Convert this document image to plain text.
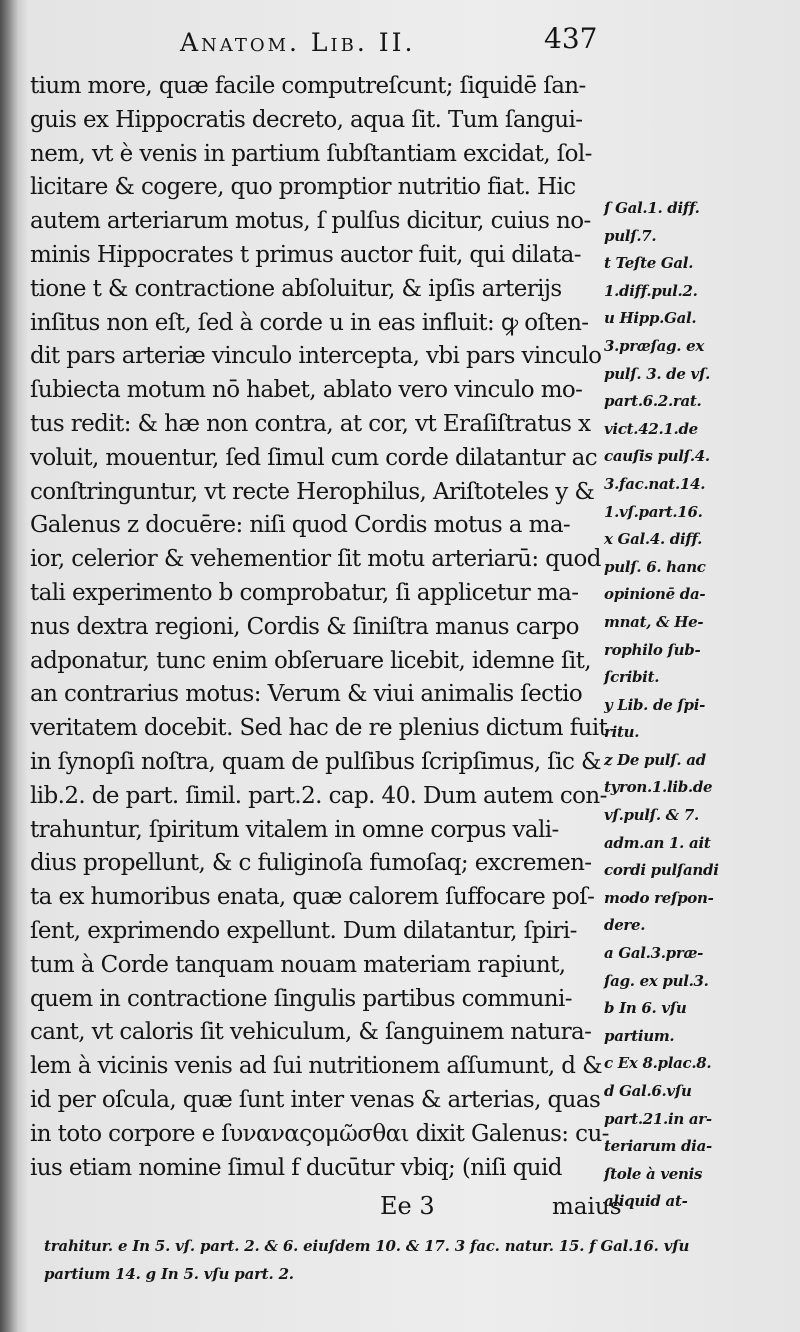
Anatom. Lib. II.	437
tium more, quæ facile computreſcunt; ſiquidē ſan-
guis ex Hippocratis decreto, aqua ſit. Tum ſangui-
nem, vt è venis in partium ſubſtantiam excidat, ſol-
licitare & cogere, quo promptior nutritio fiat. Hic
autem arteriarum motus, ſ pulſus dicitur, cuius no-
minis Hippocrates t primus auctor fuit, qui dilata-
tione t & contractione abſoluitur, & ipſis arterijs
inſitus non eſt, ſed à corde u in eas influit: ꝙ oſten-
dit pars arteriæ vinculo intercepta, vbi pars vinculo
ſubiecta motum nō habet, ablato vero vinculo mo-
tus redit: & hæ non contra, at cor, vt Eraſiſtratus x
voluit, mouentur, ſed ſimul cum corde dilatantur ac
conſtringuntur, vt recte Herophilus, Ariſtoteles y &
Galenus z docuēre: niſi quod Cordis motus a ma-
ior, celerior & vehementior ſit motu arteriarū: quod
tali experimento b comprobatur, ſi applicetur ma-
nus dextra regioni, Cordis & ſiniſtra manus carpo
adponatur, tunc enim obſeruare licebit, idemne ſit,
an contrarius motus: Verum & viui animalis ſectio
veritatem docebit. Sed hac de re plenius dictum fuit
in ſynopſi noſtra, quam de pulſibus ſcripſimus, ſic &
lib.2. de part. ſimil. part.2. cap. 40. Dum autem con-
trahuntur, ſpiritum vitalem in omne corpus vali-
dius propellunt, & c fuliginoſa fumoſaq; excremen-
ta ex humoribus enata, quæ calorem ſuffocare poſ-
ſent, exprimendo expellunt. Dum dilatantur, ſpiri-
tum à Corde tanquam nouam materiam rapiunt,
quem in contractione ſingulis partibus communi-
cant, vt caloris ſit vehiculum, & ſanguinem natura-
lem à vicinis venis ad ſui nutritionem aſſumunt, d &
id per oſcula, quæ ſunt inter venas & arterias, quas
in toto corpore e ſυναναςομῶσθαι dixit Galenus: cu-
ius etiam nomine ſimul f ducūtur vbiq; (niſi quid
ſ Gal.1. diff.
pulſ.7.
t Teſte Gal.
1.diff.pul.2.
u Hipp.Gal.
3.præſag. ex
pulſ. 3. de vſ.
part.6.2.rat.
vict.42.1.de
cauſis pulſ.4.
3.fac.nat.14.
1.vſ.part.16.
x Gal.4. diff.
pulſ. 6. hanc
opinionē da-
mnat, & He-
rophilo ſub-
ſcribit.
y Lib. de ſpi-
ritu.
z De pulſ. ad
tyron.1.lib.de
vſ.pulſ. & 7.
adm.an 1. ait
cordi pulſandi
modo reſpon-
dere.
a Gal.3.præ-
ſag. ex pul.3.
b In 6. vſu
partium.
c Ex 8.plac.8.
d Gal.6.vſu
part.21.in ar-
teriarum dia-
ſtole à venis
aliquid at-
Ee 3	maius
trahitur. e In 5. vſ. part. 2. & 6. eiuſdem 10. & 17. 3 fac. natur. 15. f Gal.16. vſu
partium 14. g In 5. vſu part. 2.
